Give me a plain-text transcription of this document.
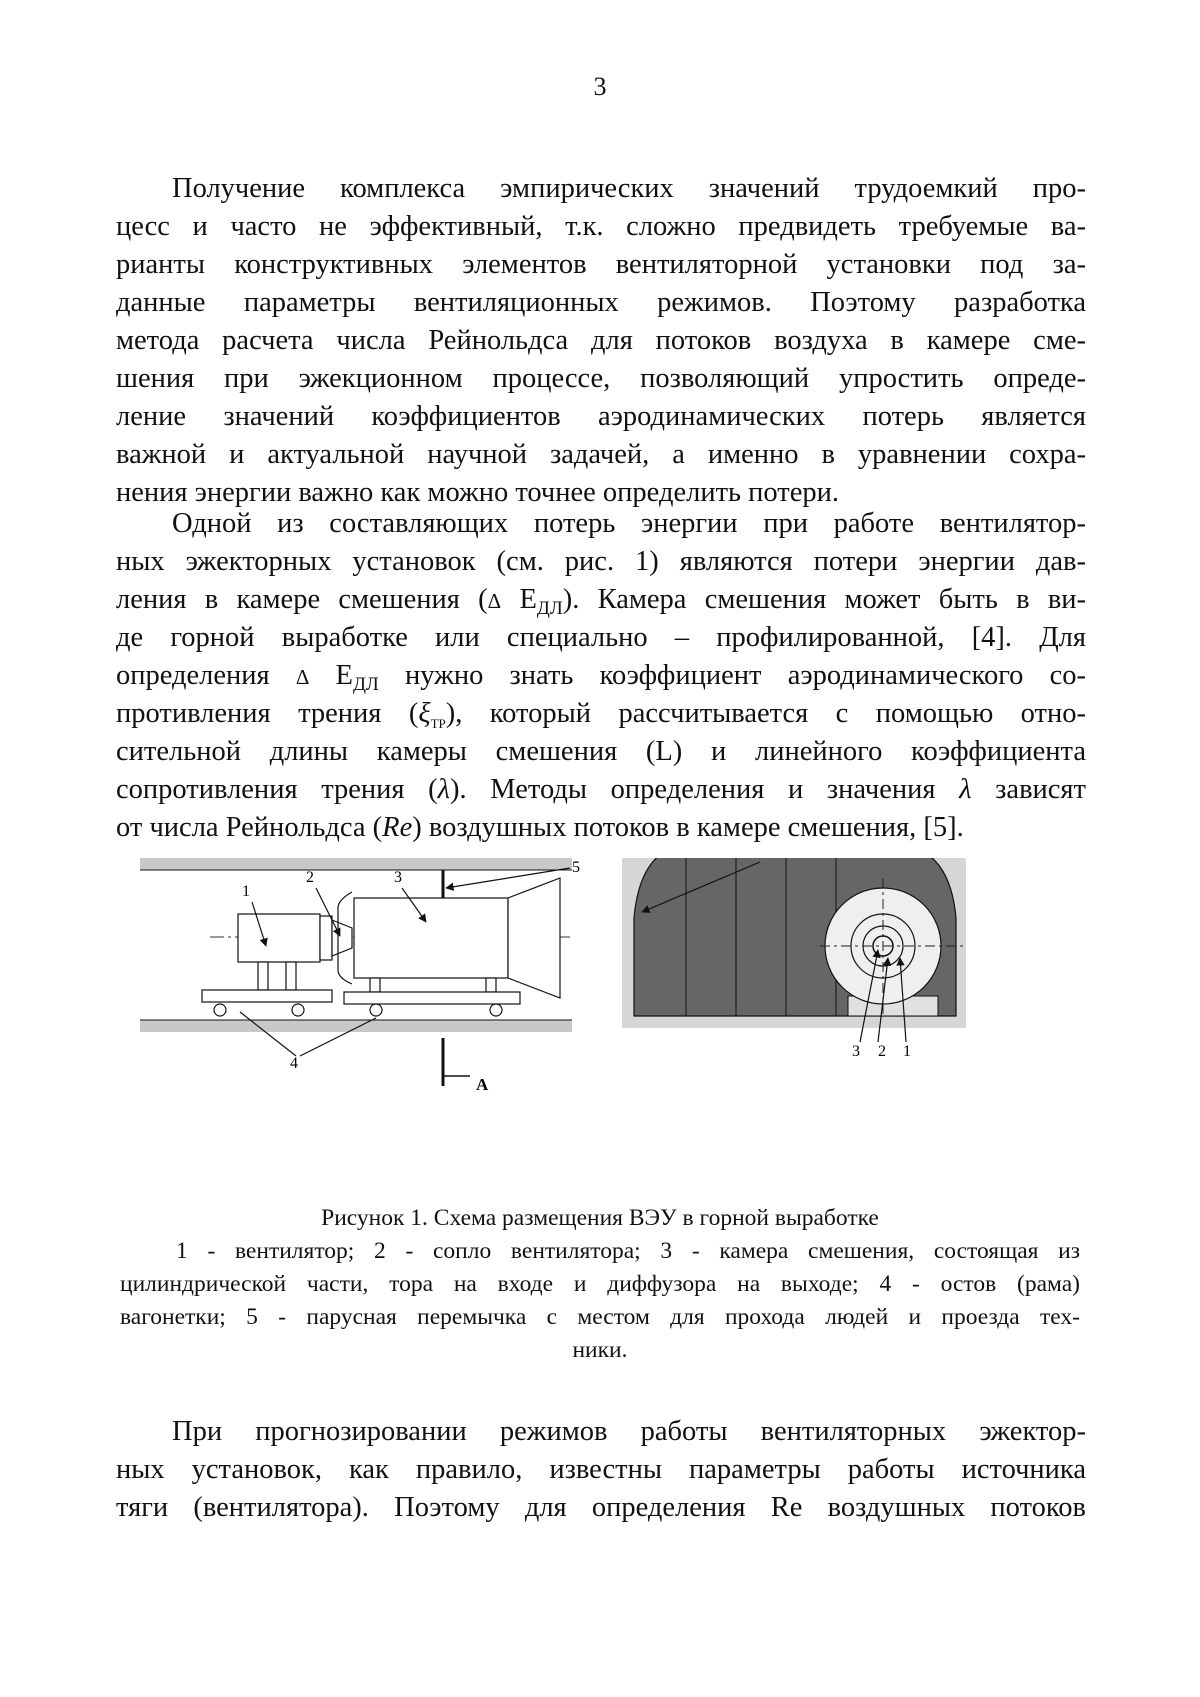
3

Получение комплекса эмпирических значений трудоемкий про-
цесс и часто не эффективный, т.к. сложно предвидеть требуемые ва-
рианты конструктивных элементов вентиляторной установки под за-
данные параметры вентиляционных режимов. Поэтому разработка
метода расчета числа Рейнольдса для потоков воздуха в камере сме-
шения при эжекционном процессе, позволяющий упростить опреде-
ление значений коэффициентов аэродинамических потерь является
важной и актуальной научной задачей, а именно в уравнении сохра-
нения энергии важно как можно точнее определить потери.

Одной из составляющих потерь энергии при работе вентилятор-
ных эжекторных установок (см. рис. 1) являются потери энергии дав-
ления в камере смешения (Δ $Е_{ДЛ}$). Камера смешения может быть в ви-
де горной выработке или специально – профилированной, [4]. Для
определения Δ $Е_{ДЛ}$ нужно знать коэффициент аэродинамического со-
противления трения $(\xi_{ТР})$, который рассчитывается с помощью отно-
сительной длины камеры смешения (L) и линейного коэффициента
сопротивления трения (λ). Методы определения и значения λ зависят
от числа Рейнольдса (Re) воздушных потоков в камере смешения, [5].

А
1
2	3
5
4
3 2 1
Рисунок 1. Схема размещения ВЭУ в горной выработке
1 - вентилятор; 2 - сопло вентилятора; 3 - камера смешения, состоящая из
цилиндрической части, тора на входе и диффузора на выходе; 4 - остов (рама)
вагонетки; 5 - парусная перемычка с местом для прохода людей и проезда тех-
ники.

При прогнозировании режимов работы вентиляторных эжектор-
ных установок, как правило, известны параметры работы источника
тяги (вентилятора). Поэтому для определения Re воздушных потоков
